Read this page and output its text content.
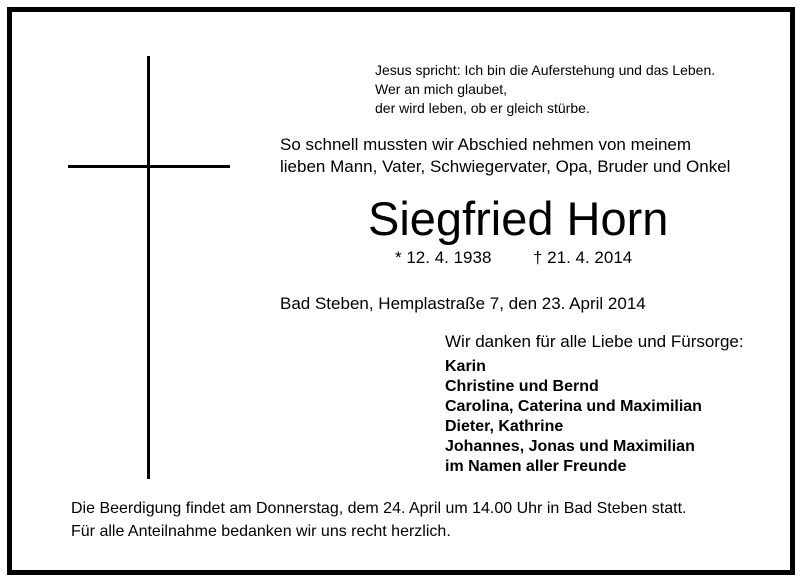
Jesus spricht: Ich bin die Auferstehung und das Leben.
Wer an mich glaubet,
der wird leben, ob er gleich stürbe.
So schnell mussten wir Abschied nehmen von meinem
lieben Mann, Vater, Schwiegervater, Opa, Bruder und Onkel
Siegfried Horn
* 12. 4. 1938 † 21. 4. 2014
Bad Steben, Hemplastraße 7, den 23. April 2014
Wir danken für alle Liebe und Fürsorge:
Karin
Christine und Bernd
Carolina, Caterina und Maximilian
Dieter, Kathrine
Johannes, Jonas und Maximilian
im Namen aller Freunde
Die Beerdigung findet am Donnerstag, dem 24. April um 14.00 Uhr in Bad Steben statt.
Für alle Anteilnahme bedanken wir uns recht herzlich.
